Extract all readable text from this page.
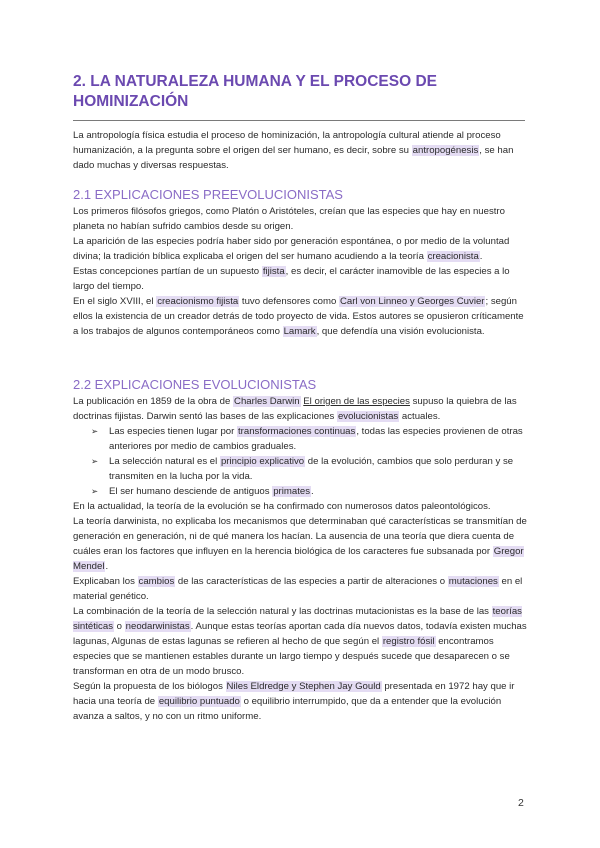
2. LA NATURALEZA HUMANA Y EL PROCESO DE HOMINIZACIÓN

La antropología física estudia el proceso de hominización, la antropología cultural atiende al proceso humanización, a la pregunta sobre el origen del ser humano, es decir, sobre su antropogénesis, se han dado muchas y diversas respuestas.

2.1 EXPLICACIONES PREEVOLUCIONISTAS

Los primeros filósofos griegos, como Platón o Aristóteles, creían que las especies que hay en nuestro planeta no habían sufrido cambios desde su origen.

La aparición de las especies podría haber sido por generación espontánea, o por medio de la voluntad divina; la tradición bíblica explicaba el origen del ser humano acudiendo a la teoría creacionista.

Estas concepciones partían de un supuesto fijista, es decir, el carácter inamovible de las especies a lo largo del tiempo.

En el siglo XVIII, el creacionismo fijista tuvo defensores como Carl von Linneo y Georges Cuvier; según ellos la existencia de un creador detrás de todo proyecto de vida. Estos autores se opusieron críticamente a los trabajos de algunos contemporáneos como Lamark, que defendía una visión evolucionista.

2.2 EXPLICACIONES EVOLUCIONISTAS

La publicación en 1859 de la obra de Charles Darwin El origen de las especies supuso la quiebra de las doctrinas fijistas. Darwin sentó las bases de las explicaciones evolucionistas actuales.

➢ Las especies tienen lugar por transformaciones continuas, todas las especies provienen de otras anteriores por medio de cambios graduales.
➢ La selección natural es el principio explicativo de la evolución, cambios que solo perduran y se transmiten en la lucha por la vida.
➢ El ser humano desciende de antiguos primates.

En la actualidad, la teoría de la evolución se ha confirmado con numerosos datos paleontológicos.

La teoría darwinista, no explicaba los mecanismos que determinaban qué características se transmitían de generación en generación, ni de qué manera los hacían. La ausencia de una teoría que diera cuenta de cuáles eran los factores que influyen en la herencia biológica de los caracteres fue subsanada por Gregor Mendel.

Explicaban los cambios de las características de las especies a partir de alteraciones o mutaciones en el material genético.

La combinación de la teoría de la selección natural y las doctrinas mutacionistas es la base de las teorías sintéticas o neodarwinistas. Aunque estas teorías aportan cada día nuevos datos, todavía existen muchas lagunas, Algunas de estas lagunas se refieren al hecho de que según el registro fósil encontramos especies que se mantienen estables durante un largo tiempo y después sucede que desaparecen o se transforman en otra de un modo brusco.

Según la propuesta de los biólogos Niles Eldredge y Stephen Jay Gould presentada en 1972 hay que ir hacia una teoría de equilibrio puntuado o equilibrio interrumpido, que da a entender que la evolución avanza a saltos, y no con un ritmo uniforme.

2
